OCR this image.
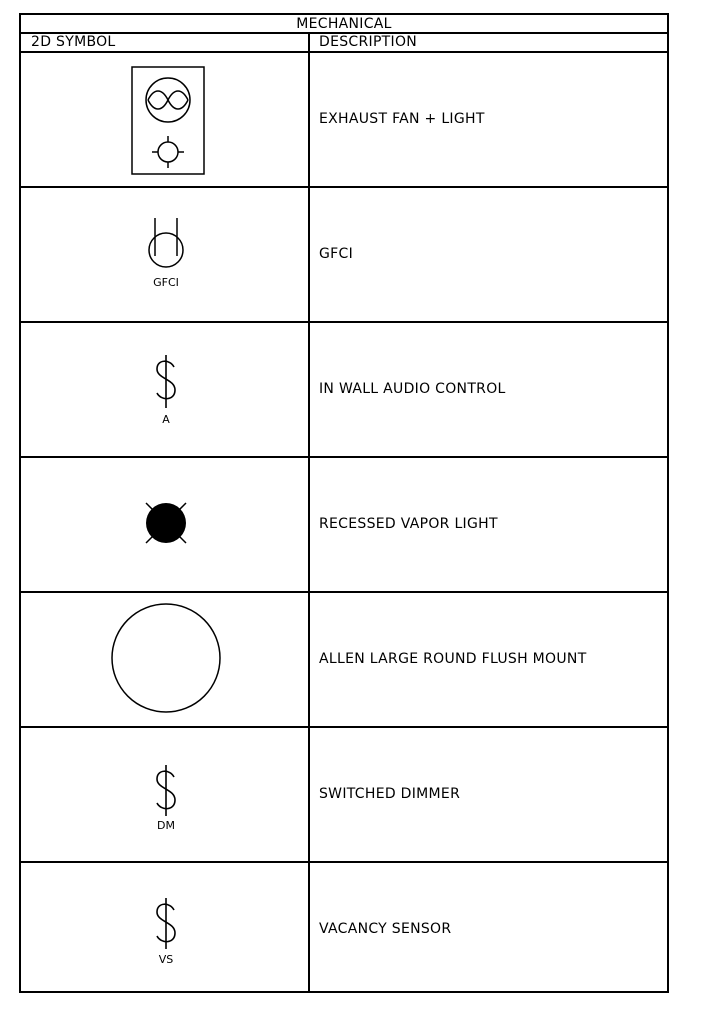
MECHANICAL
2D SYMBOL	DESCRIPTION
EXHAUST FAN + LIGHT
GFCI
GFCI
A
IN WALL AUDIO CONTROL
RECESSED VAPOR LIGHT
ALLEN LARGE ROUND FLUSH MOUNT
DM
SWITCHED DIMMER
VS
VACANCY SENSOR
